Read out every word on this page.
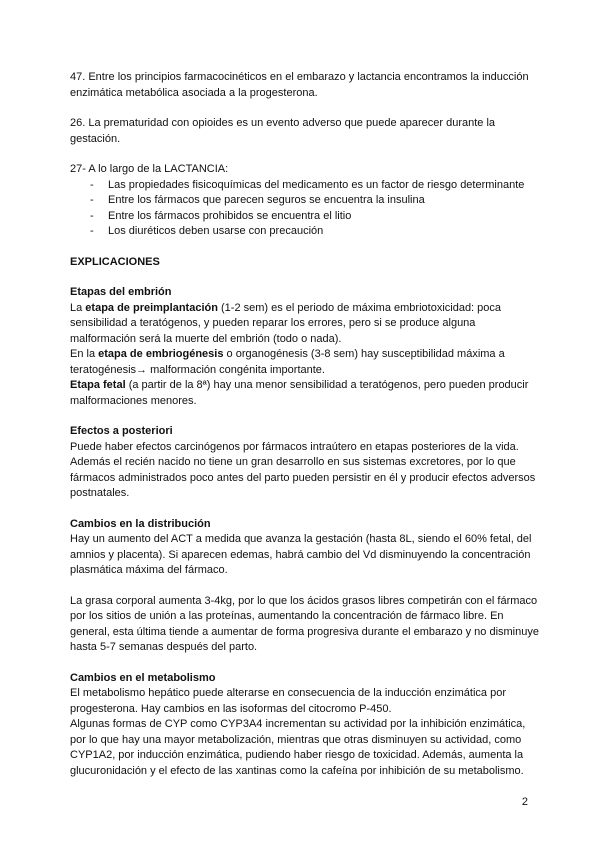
47. Entre los principios farmacocinéticos en el embarazo y lactancia encontramos la inducción enzimática metabólica asociada a la progesterona.

26. La prematuridad con opioides es un evento adverso que puede aparecer durante la gestación.

27- A lo largo de la LACTANCIA:

- Las propiedades fisicoquímicas del medicamento es un factor de riesgo determinante
- Entre los fármacos que parecen seguros se encuentra la insulina
- Entre los fármacos prohibidos se encuentra el litio
- Los diuréticos deben usarse con precaución

EXPLICACIONES

Etapas del embrión

La etapa de preimplantación (1-2 sem) es el periodo de máxima embriotoxicidad: poca sensibilidad a teratógenos, y pueden reparar los errores, pero si se produce alguna malformación será la muerte del embrión (todo o nada).

En la etapa de embriogénesis o organogénesis (3-8 sem) hay susceptibilidad máxima a teratogénesis→ malformación congénita importante.

Etapa fetal (a partir de la 8ª) hay una menor sensibilidad a teratógenos, pero pueden producir malformaciones menores.

Efectos a posteriori

Puede haber efectos carcinógenos por fármacos intraútero en etapas posteriores de la vida. Además el recién nacido no tiene un gran desarrollo en sus sistemas excretores, por lo que fármacos administrados poco antes del parto pueden persistir en él y producir efectos adversos postnatales.

Cambios en la distribución

Hay un aumento del ACT a medida que avanza la gestación (hasta 8L, siendo el 60% fetal, del amnios y placenta). Si aparecen edemas, habrá cambio del Vd disminuyendo la concentración plasmática máxima del fármaco.

La grasa corporal aumenta 3-4kg, por lo que los ácidos grasos libres competirán con el fármaco por los sitios de unión a las proteínas, aumentando la concentración de fármaco libre. En general, esta última tiende a aumentar de forma progresiva durante el embarazo y no disminuye hasta 5-7 semanas después del parto.

Cambios en el metabolismo

El metabolismo hepático puede alterarse en consecuencia de la inducción enzimática por progesterona. Hay cambios en las isoformas del citocromo P-450.

Algunas formas de CYP como CYP3A4 incrementan su actividad por la inhibición enzimática, por lo que hay una mayor metabolización, mientras que otras disminuyen su actividad, como CYP1A2, por inducción enzimática, pudiendo haber riesgo de toxicidad. Además, aumenta la glucuronidación y el efecto de las xantinas como la cafeína por inhibición de su metabolismo.

2
